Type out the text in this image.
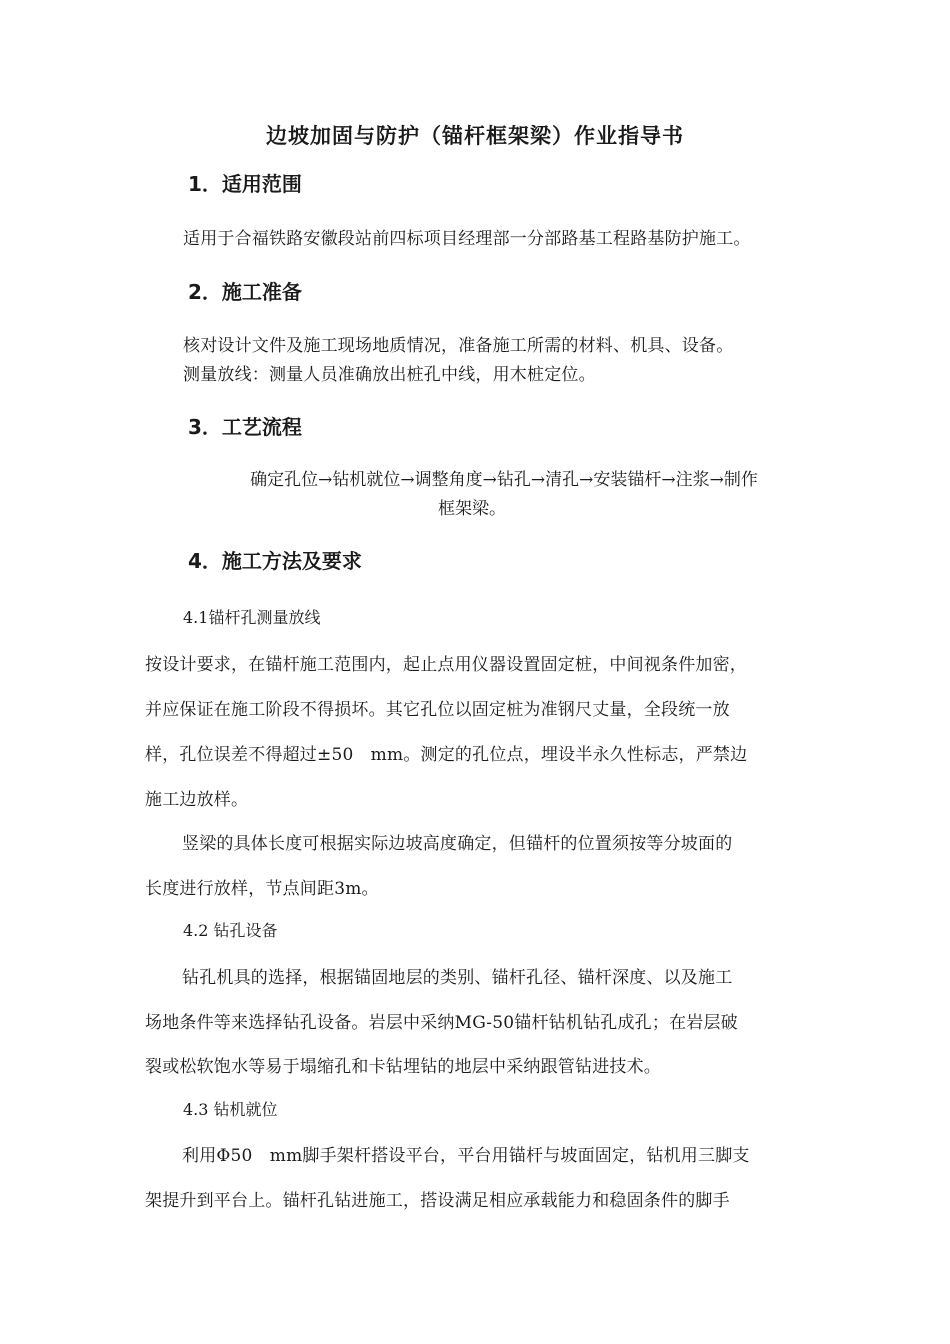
边坡加固与防护（锚杆框架梁）作业指导书
1．适用范围
适用于合福铁路安徽段站前四标项目经理部一分部路基工程路基防护施工。
2．施工准备
核对设计文件及施工现场地质情况，准备施工所需的材料、机具、设备。
测量放线：测量人员准确放出桩孔中线，用木桩定位。
3．工艺流程
确定孔位→钻机就位→调整角度→钻孔→清孔→安装锚杆→注浆→制作
框架梁。
4．施工方法及要求
4.1锚杆孔测量放线
按设计要求，在锚杆施工范围内，起止点用仪器设置固定桩，中间视条件加密，
并应保证在施工阶段不得损坏。其它孔位以固定桩为准钢尺丈量，全段统一放
样，孔位误差不得超过±50　mm。测定的孔位点，埋设半永久性标志，严禁边
施工边放样。
竖梁的具体长度可根据实际边坡高度确定，但锚杆的位置须按等分坡面的
长度进行放样，节点间距3m。
4.2 钻孔设备
钻孔机具的选择，根据锚固地层的类别、锚杆孔径、锚杆深度、以及施工
场地条件等来选择钻孔设备。岩层中采纳MG-50锚杆钻机钻孔成孔；在岩层破
裂或松软饱水等易于塌缩孔和卡钻埋钻的地层中采纳跟管钻进技术。
4.3 钻机就位
利用Φ50　mm脚手架杆搭设平台，平台用锚杆与坡面固定，钻机用三脚支
架提升到平台上。锚杆孔钻进施工，搭设满足相应承载能力和稳固条件的脚手
